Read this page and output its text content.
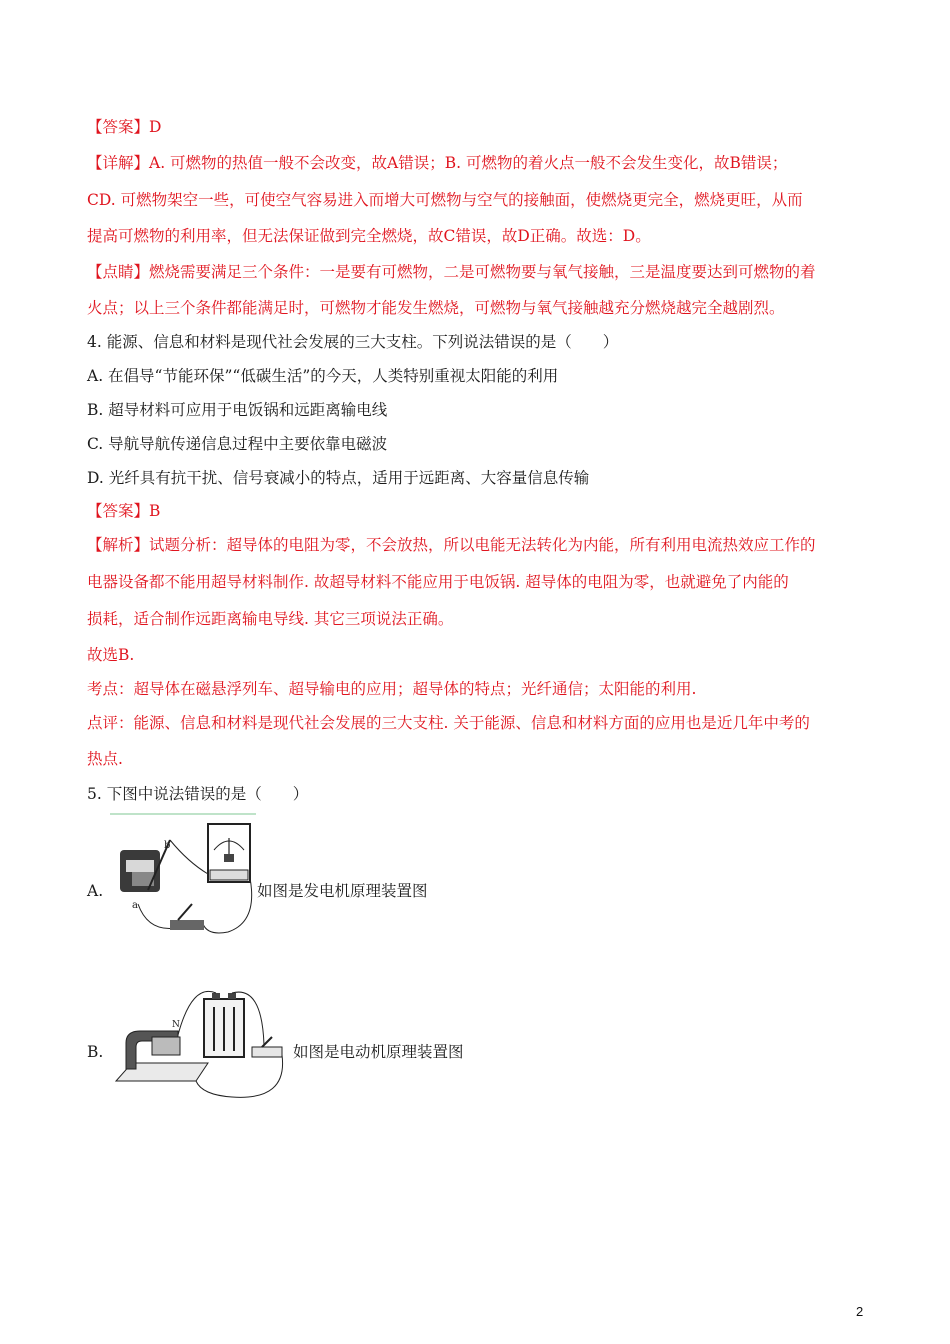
【答案】D
【详解】A. 可燃物的热值一般不会改变，故A错误；B. 可燃物的着火点一般不会发生变化，故B错误；
CD. 可燃物架空一些，可使空气容易进入而增大可燃物与空气的接触面，使燃烧更完全，燃烧更旺，从而
提高可燃物的利用率，但无法保证做到完全燃烧，故C错误，故D正确。故选：D。
【点睛】燃烧需要满足三个条件：一是要有可燃物，二是可燃物要与氧气接触，三是温度要达到可燃物的着
火点；以上三个条件都能满足时，可燃物才能发生燃烧，可燃物与氧气接触越充分燃烧越完全越剧烈。
4. 能源、信息和材料是现代社会发展的三大支柱。下列说法错误的是（　　）
A. 在倡导“节能环保”“低碳生活”的今天，人类特别重视太阳能的利用
B. 超导材料可应用于电饭锅和远距离输电线
C. 导航导航传递信息过程中主要依靠电磁波
D. 光纤具有抗干扰、信号衰减小的特点，适用于远距离、大容量信息传输
【答案】B
【解析】试题分析：超导体的电阻为零，不会放热，所以电能无法转化为内能，所有利用电流热效应工作的
电器设备都不能用超导材料制作. 故超导材料不能应用于电饭锅. 超导体的电阻为零，也就避免了内能的
损耗，适合制作远距离输电导线. 其它三项说法正确。
故选B.
考点：超导体在磁悬浮列车、超导输电的应用；超导体的特点；光纤通信；太阳能的利用.
点评：能源、信息和材料是现代社会发展的三大支柱. 关于能源、信息和材料方面的应用也是近几年中考的
热点.
5. 下图中说法错误的是（　　）
A.
b
a
如图是发电机原理装置图
B.
N
如图是电动机原理装置图
2
